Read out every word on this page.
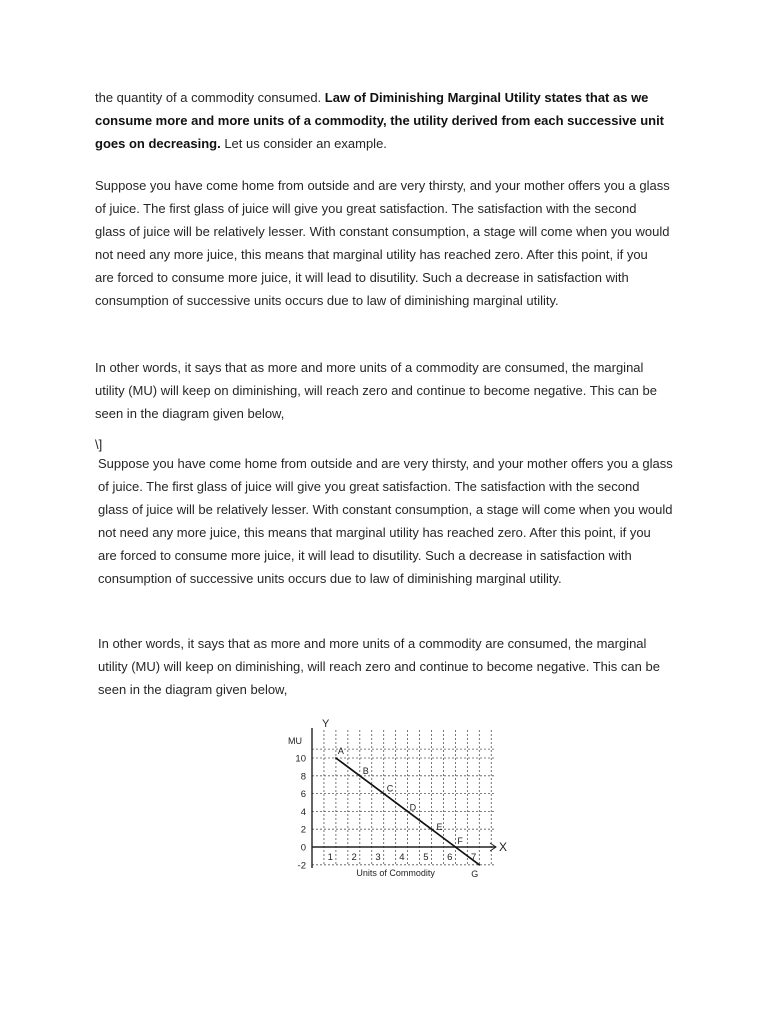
the quantity of a commodity consumed. Law of Diminishing Marginal Utility states that as we consume more and more units of a commodity, the utility derived from each successive unit goes on decreasing. Let us consider an example.

Suppose you have come home from outside and are very thirsty, and your mother offers you a glass of juice. The first glass of juice will give you great satisfaction. The satisfaction with the second glass of juice will be relatively lesser. With constant consumption, a stage will come when you would not need any more juice, this means that marginal utility has reached zero. After this point, if you are forced to consume more juice, it will lead to disutility. Such a decrease in satisfaction with consumption of successive units occurs due to law of diminishing marginal utility.

In other words, it says that as more and more units of a commodity are consumed, the marginal utility (MU) will keep on diminishing, will reach zero and continue to become negative. This can be seen in the diagram given below,

\]

Suppose you have come home from outside and are very thirsty, and your mother offers you a glass of juice. The first glass of juice will give you great satisfaction. The satisfaction with the second glass of juice will be relatively lesser. With constant consumption, a stage will come when you would not need any more juice, this means that marginal utility has reached zero. After this point, if you are forced to consume more juice, it will lead to disutility. Such a decrease in satisfaction with consumption of successive units occurs due to law of diminishing marginal utility.

In other words, it says that as more and more units of a commodity are consumed, the marginal utility (MU) will keep on diminishing, will reach zero and continue to become negative. This can be seen in the diagram given below,

MU
Y
X
Units of Commodity
10
8
6
4
2
0
-2
1 2 3 4 5 6 7
A
B
C
D
E
F
G
